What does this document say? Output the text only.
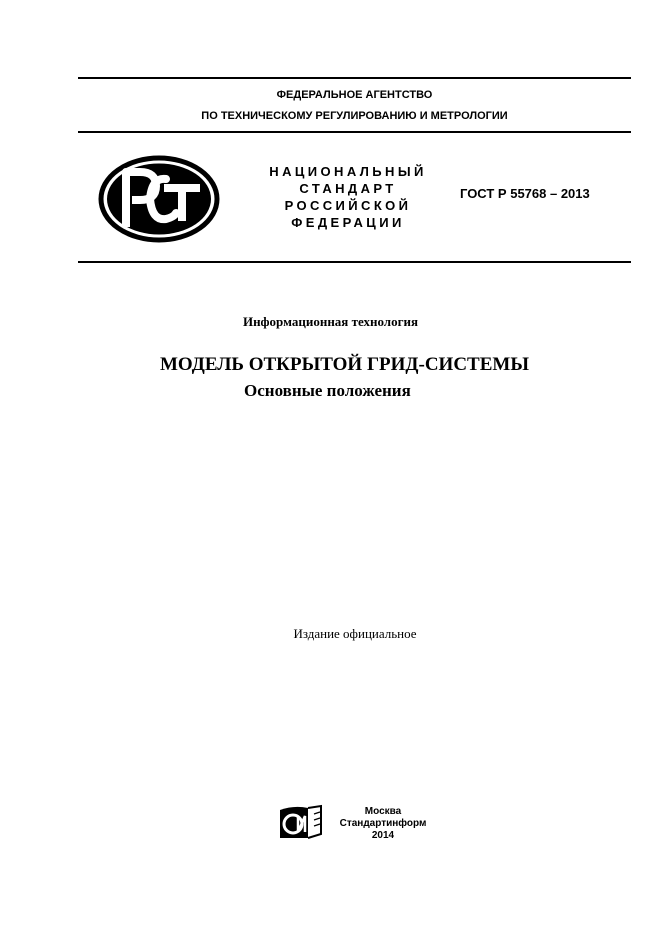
ФЕДЕРАЛЬНОЕ АГЕНТСТВО
ПО ТЕХНИЧЕСКОМУ РЕГУЛИРОВАНИЮ И МЕТРОЛОГИИ
НАЦИОНАЛЬНЫЙ
СТАНДАРТ
РОССИЙСКОЙ
ФЕДЕРАЦИИ
ГОСТ Р 55768 – 2013
Информационная технология
МОДЕЛЬ ОТКРЫТОЙ ГРИД-СИСТЕМЫ
Основные положения
Издание официальное
Москва
Стандартинформ
2014
